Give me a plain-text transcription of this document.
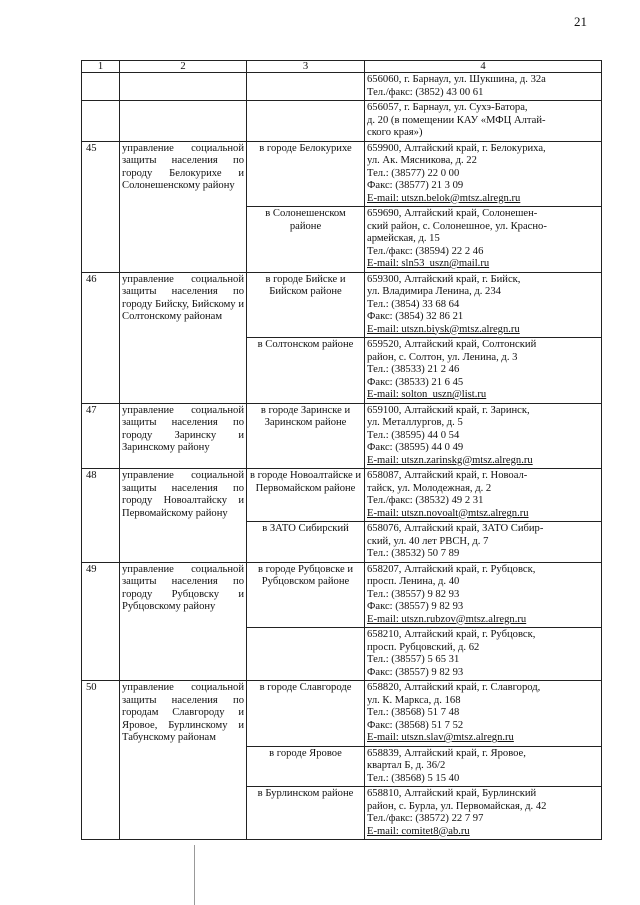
21
1	2	3	4

			656060, г. Барнаул, ул. Шукшина, д. 32а
Тел./факс: (3852) 43 00 61

			656057, г. Барнаул, ул. Сухэ-Батора,
д. 20 (в помещении КАУ «МФЦ Алтай-
ского края»)

45	управление социальной защиты населения по городу Белокурихе и Солонешенскому району	в городе Белокурихе	659900, Алтайский край, г. Белокуриха,
ул. Ак. Мясникова, д. 22
Тел.: (38577) 22 0 00
Факс: (38577) 21 3 09
E-mail: utszn.belok@mtsz.alregn.ru

		в Солонешенском районе	659690, Алтайский край, Солонешен-
ский район, с. Солонешное, ул. Красно-
армейская, д. 15
Тел./факс: (38594) 22 2 46
E-mail: sln53_uszn@mail.ru

46	управление социальной защиты населения по городу Бийску, Бийскому и Солтонскому районам	в городе Бийске и Бийском районе	659300, Алтайский край, г. Бийск,
ул. Владимира Ленина, д. 234
Тел.: (3854) 33 68 64
Факс: (3854) 32 86 21
E-mail: utszn.biysk@mtsz.alregn.ru

		в Солтонском районе	659520, Алтайский край, Солтонский
район, с. Солтон, ул. Ленина, д. 3
Тел.: (38533) 21 2 46
Факс: (38533) 21 6 45
E-mail: solton_uszn@list.ru

47	управление социальной защиты населения по городу Заринску и Заринскому району	в городе Заринске и Заринском районе	659100, Алтайский край, г. Заринск,
ул. Металлургов, д. 5
Тел.: (38595) 44 0 54
Факс: (38595) 44 0 49
E-mail: utszn.zarinskg@mtsz.alregn.ru

48	управление социальной защиты населения по городу Новоалтайску и Первомайскому району	в городе Новоалтайске и Первомайском районе	658087, Алтайский край, г. Новоал-
тайск, ул. Молодежная, д. 2
Тел./факс: (38532) 49 2 31
E-mail: utszn.novoalt@mtsz.alregn.ru

		в ЗАТО Сибирский	658076, Алтайский край, ЗАТО Сибир-
ский, ул. 40 лет РВСН, д. 7
Тел.: (38532) 50 7 89

49	управление социальной защиты населения по городу Рубцовску и Рубцовскому району	в городе Рубцовске и Рубцовском районе	658207, Алтайский край, г. Рубцовск,
просп. Ленина, д. 40
Тел.: (38557) 9 82 93
Факс: (38557) 9 82 93
E-mail: utszn.rubzov@mtsz.alregn.ru

			658210, Алтайский край, г. Рубцовск,
просп. Рубцовский, д. 62
Тел.: (38557) 5 65 31
Факс: (38557) 9 82 93

50	управление социальной защиты населения по городам Славгороду и Яровое, Бурлинскому и Табунскому районам	в городе Славгороде	658820, Алтайский край, г. Славгород,
ул. К. Маркса, д. 168
Тел.: (38568) 51 7 48
Факс: (38568) 51 7 52
E-mail: utszn.slav@mtsz.alregn.ru

		в городе Яровое	658839, Алтайский край, г. Яровое,
квартал Б, д. 36/2
Тел.: (38568) 5 15 40

		в Бурлинском районе	658810, Алтайский край, Бурлинский
район, с. Бурла, ул. Первомайская, д. 42
Тел./факс: (38572) 22 7 97
E-mail: comitet8@ab.ru
